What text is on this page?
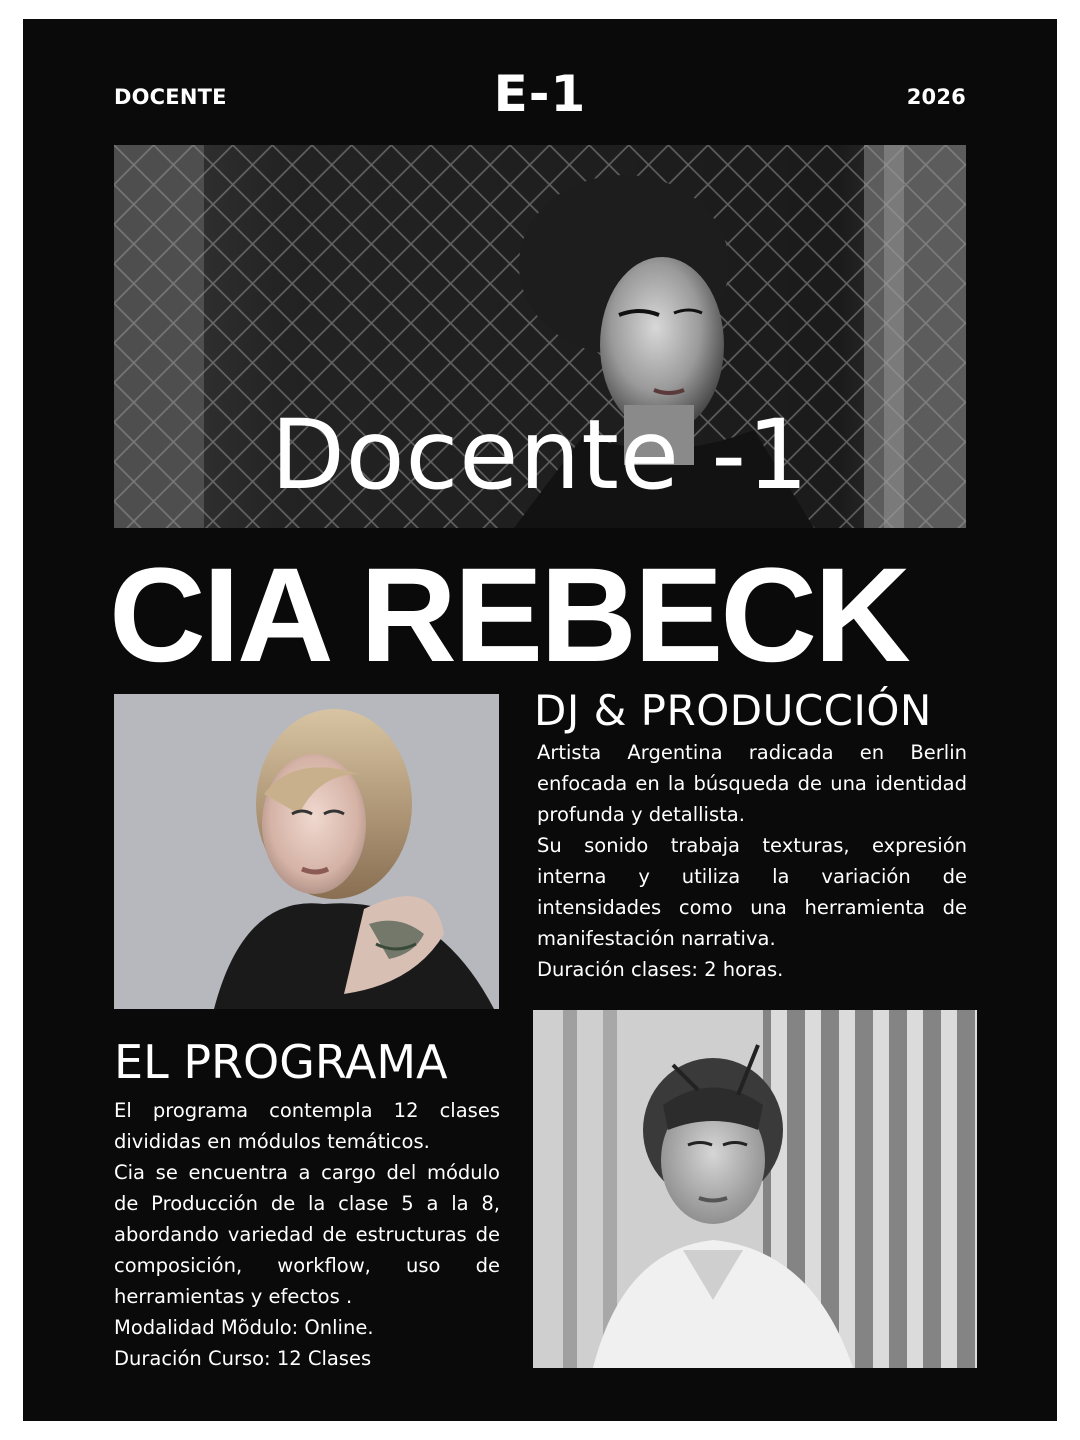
DOCENTE	E-1	2026
Docente -1
CIA REBECK
DJ & PRODUCCIÓN

Artista Argentina radicada en Berlin enfocada en la búsqueda de una identidad profunda y detallista.

Su sonido trabaja texturas, expresión interna y utiliza la variación de intensidades como una herramienta de manifestación narrativa.

Duración clases: 2 horas.

EL PROGRAMA

El programa contempla 12 clases divididas en módulos temáticos.

Cia se encuentra a cargo del módulo de Producción de la clase 5 a la 8, abordando variedad de estructuras de composición, workflow, uso de herramientas y efectos .

Modalidad Mõdulo: Online.

Duración Curso: 12 Clases
